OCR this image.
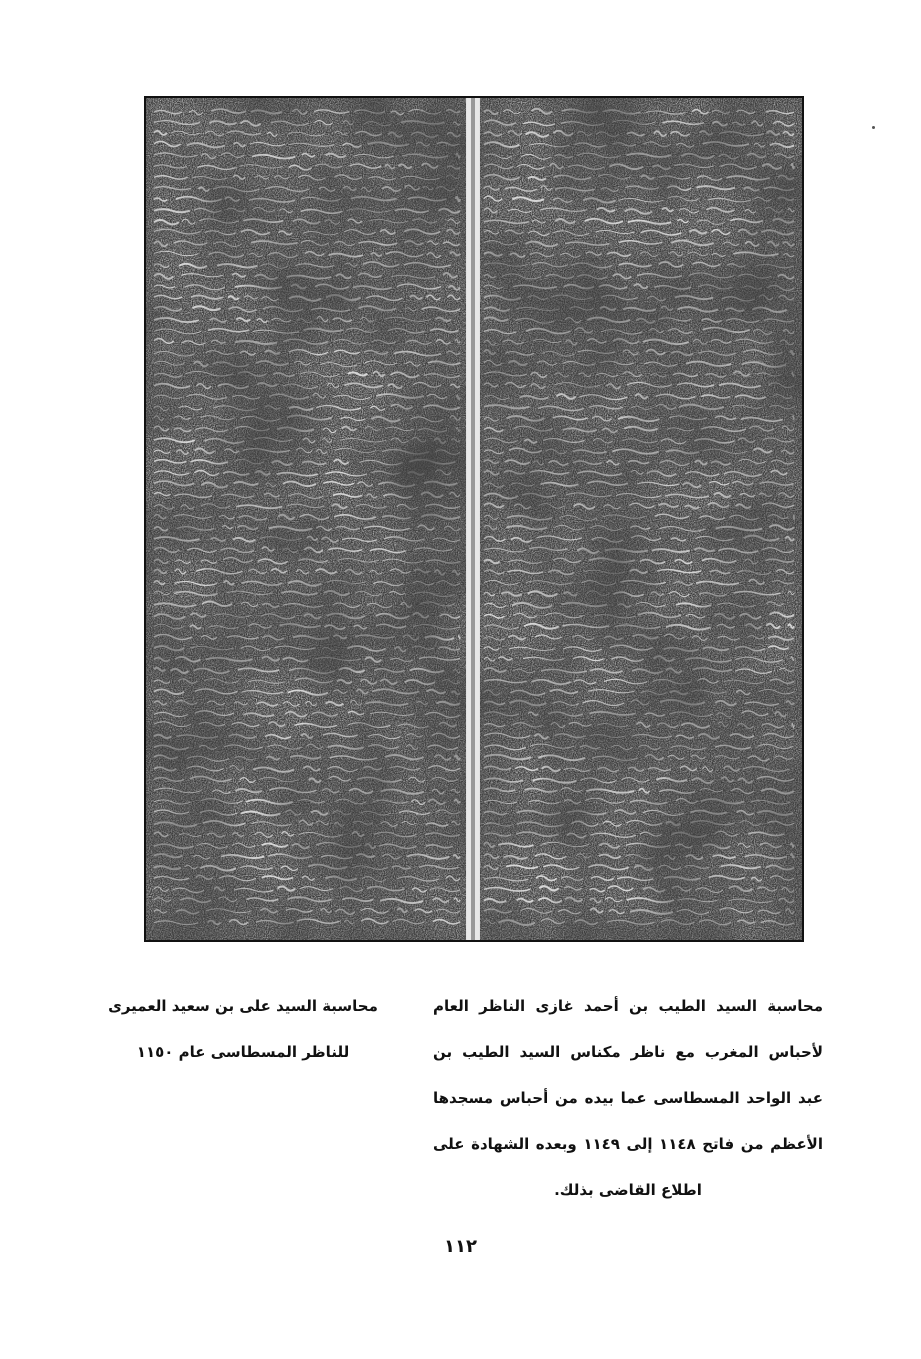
محاسبة السيد الطيب بن أحمد غازى الناظر العام
لأحباس المغرب مع ناظر مكناس السيد الطيب بن
عبد الواحد المسطاسى عما بيده من أحباس مسجدها
الأعظم من فاتح ١١٤٨ إلى ١١٤٩ وبعده الشهادة على
اطلاع القاضى بذلك.
محاسبة السيد على بن سعيد العميرى
للناظر المسطاسى عام ١١٥٠
١١٢
